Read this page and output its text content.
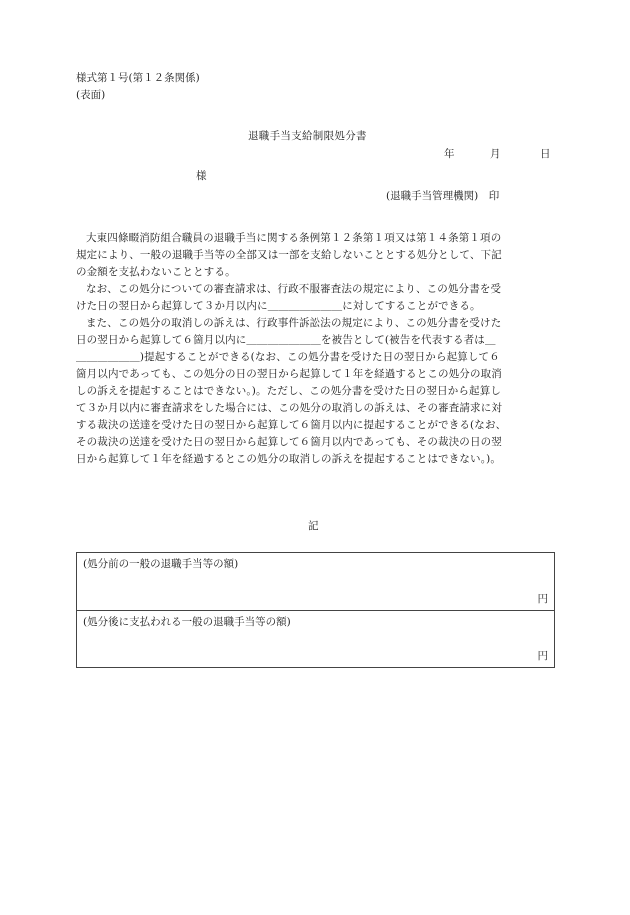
様式第１号(第１２条関係)
(表面)
退職手当支給制限処分書
年	月	日
様
(退職手当管理機関)　印
大東四條畷消防組合職員の退職手当に関する条例第１２条第１項又は第１４条第１項の
規定により、一般の退職手当等の全部又は一部を支給しないこととする処分として、下記
の金額を支払わないこととする。
なお、この処分についての審査請求は、行政不服審査法の規定により、この処分書を受
けた日の翌日から起算して３か月以内に＿＿＿＿＿＿＿に対してすることができる。
また、この処分の取消しの訴えは、行政事件訴訟法の規定により、この処分書を受けた
日の翌日から起算して６箇月以内に＿＿＿＿＿＿＿を被告として(被告を代表する者は＿
＿＿＿＿＿＿)提起することができる(なお、この処分書を受けた日の翌日から起算して６
箇月以内であっても、この処分の日の翌日から起算して１年を経過するとこの処分の取消
しの訴えを提起することはできない。)。ただし、この処分書を受けた日の翌日から起算し
て３か月以内に審査請求をした場合には、この処分の取消しの訴えは、その審査請求に対
する裁決の送達を受けた日の翌日から起算して６箇月以内に提起することができる(なお、
その裁決の送達を受けた日の翌日から起算して６箇月以内であっても、その裁決の日の翌
日から起算して１年を経過するとこの処分の取消しの訴えを提起することはできない。)。
記
(処分前の一般の退職手当等の額)
円
(処分後に支払われる一般の退職手当等の額)
円
